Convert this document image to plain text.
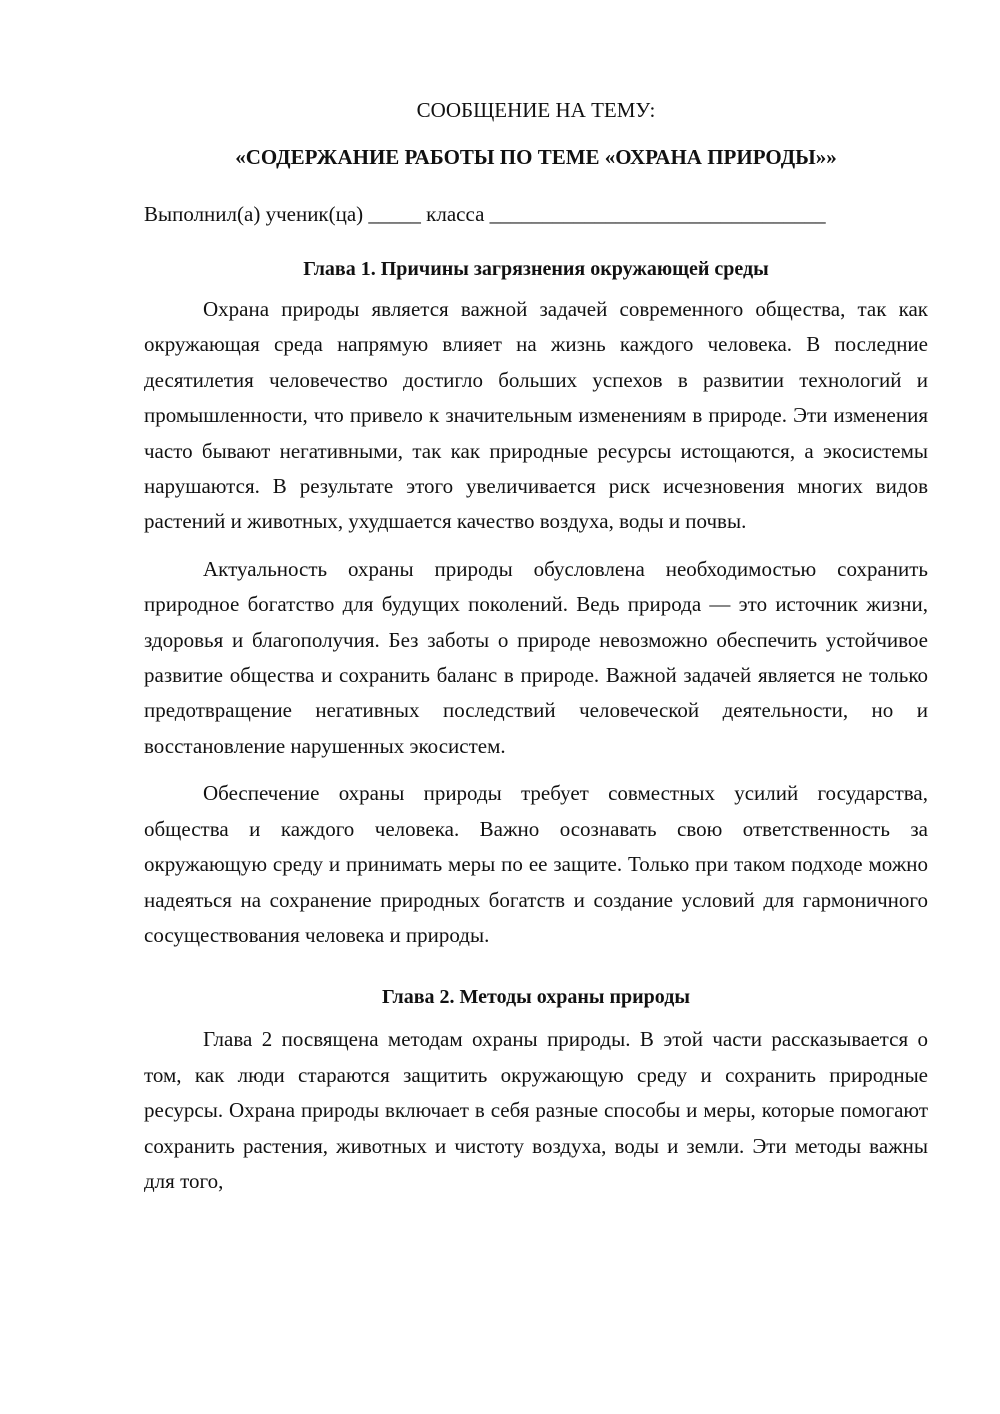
СООБЩЕНИЕ НА ТЕМУ:

«СОДЕРЖАНИЕ РАБОТЫ ПО ТЕМЕ «ОХРАНА ПРИРОДЫ»»

Выполнил(а) ученик(ца) _____ класса ________________________________
Глава 1. Причины загрязнения окружающей среды

Охрана природы является важной задачей современного общества, так как окружающая среда напрямую влияет на жизнь каждого человека. В последние десятилетия человечество достигло больших успехов в развитии технологий и промышленности, что привело к значительным изменениям в природе. Эти изменения часто бывают негативными, так как природные ресурсы истощаются, а экосистемы нарушаются. В результате этого увеличивается риск исчезновения многих видов растений и животных, ухудшается качество воздуха, воды и почвы.

Актуальность охраны природы обусловлена необходимостью сохранить природное богатство для будущих поколений. Ведь природа — это источник жизни, здоровья и благополучия. Без заботы о природе невозможно обеспечить устойчивое развитие общества и сохранить баланс в природе. Важной задачей является не только предотвращение негативных последствий человеческой деятельности, но и восстановление нарушенных экосистем.

Обеспечение охраны природы требует совместных усилий государства, общества и каждого человека. Важно осознавать свою ответственность за окружающую среду и принимать меры по ее защите. Только при таком подходе можно надеяться на сохранение природных богатств и создание условий для гармоничного сосуществования человека и природы.

Глава 2. Методы охраны природы

Глава 2 посвящена методам охраны природы. В этой части рассказывается о том, как люди стараются защитить окружающую среду и сохранить природные ресурсы. Охрана природы включает в себя разные способы и меры, которые помогают сохранить растения, животных и чистоту воздуха, воды и земли. Эти методы важны для того,
